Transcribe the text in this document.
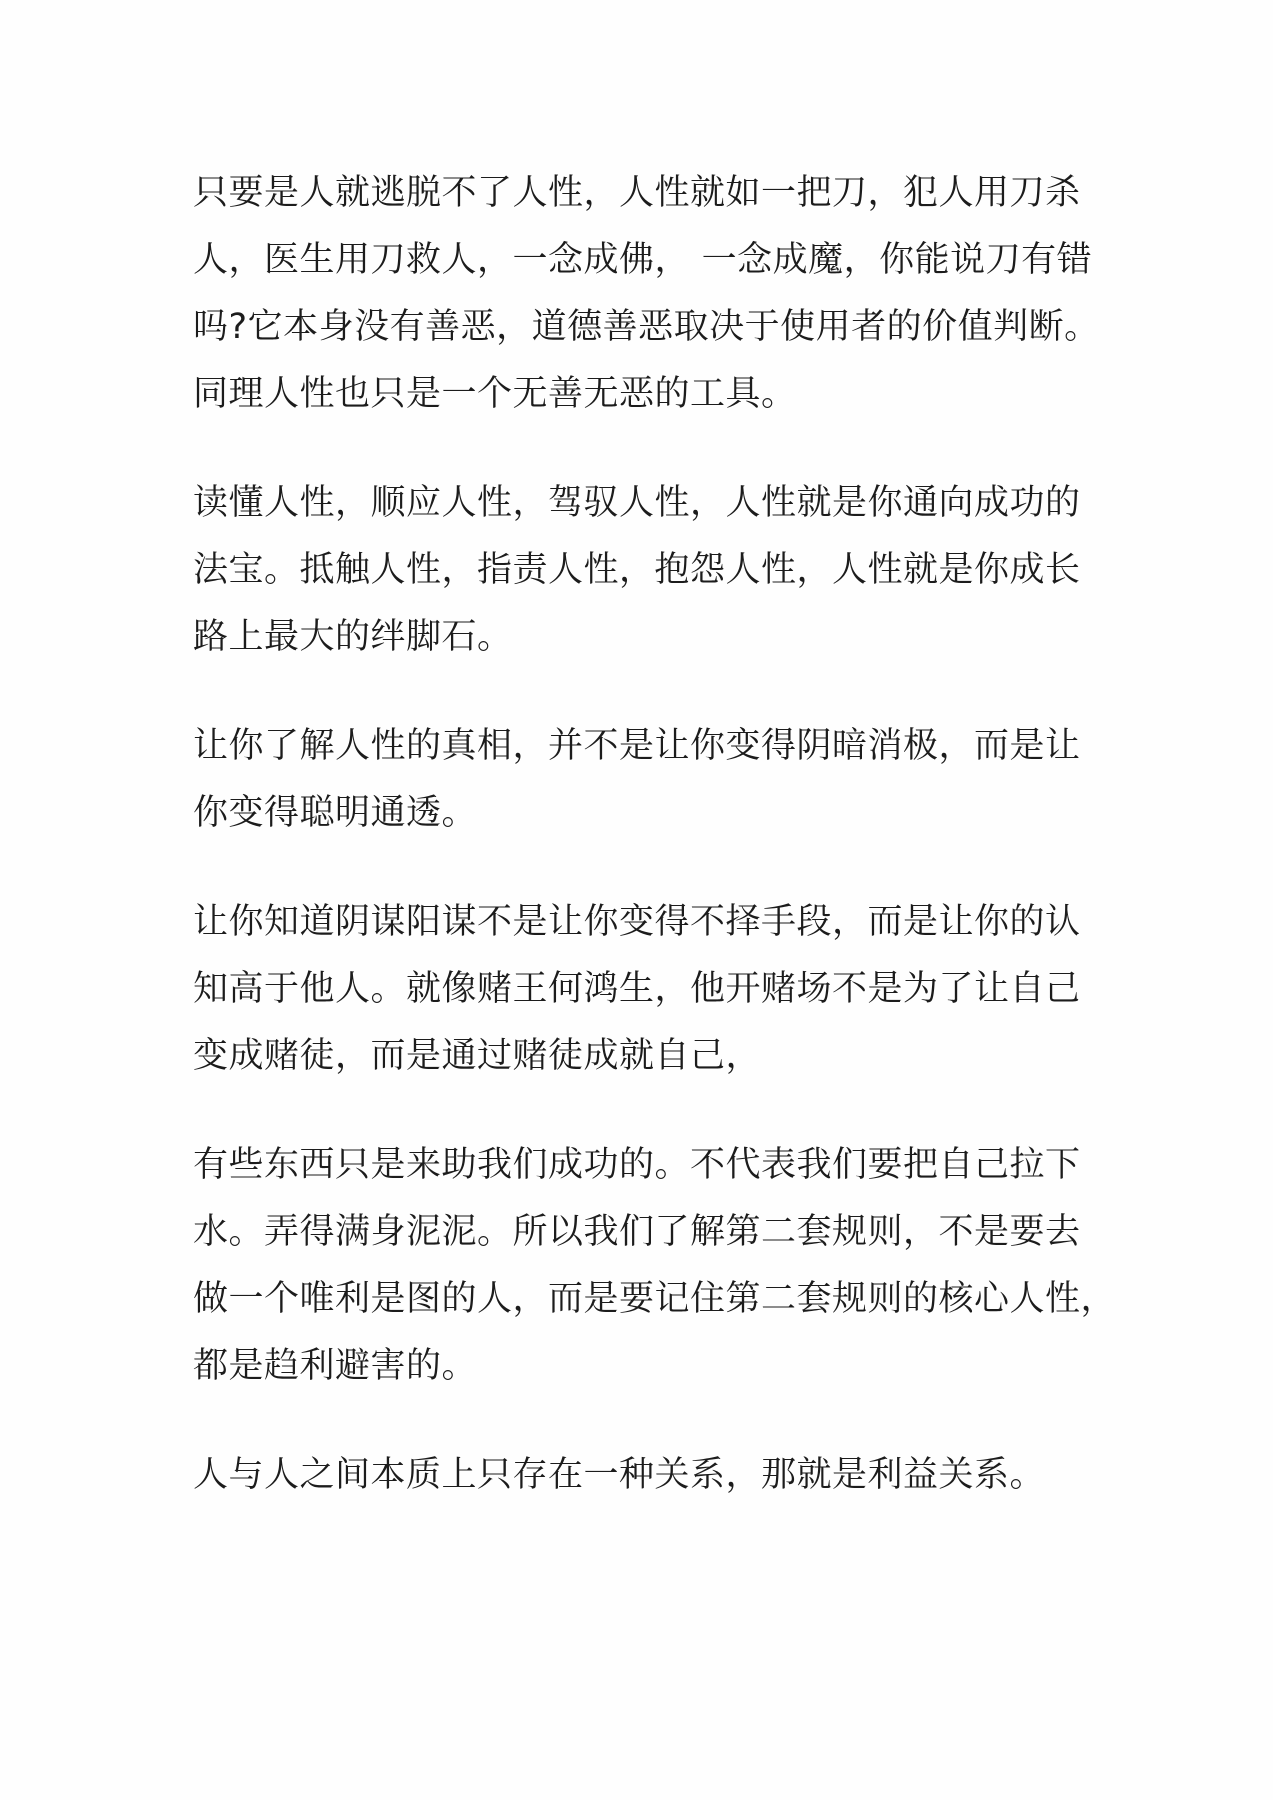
只要是人就逃脱不了人性，人性就如一把刀，犯人用刀杀
人，医生用刀救人，一念成佛， 一念成魔，你能说刀有错
吗?它本身没有善恶，道德善恶取决于使用者的价值判断。
同理人性也只是一个无善无恶的工具。
读懂人性，顺应人性，驾驭人性，人性就是你通向成功的
法宝。抵触人性，指责人性，抱怨人性，人性就是你成长
路上最大的绊脚石。
让你了解人性的真相，并不是让你变得阴暗消极，而是让
你变得聪明通透。
让你知道阴谋阳谋不是让你变得不择手段，而是让你的认
知高于他人。就像赌王何鸿生，他开赌场不是为了让自己
变成赌徒，而是通过赌徒成就自己，
有些东西只是来助我们成功的。不代表我们要把自己拉下
水。弄得满身泥泥。所以我们了解第二套规则，不是要去
做一个唯利是图的人，而是要记住第二套规则的核心人性，
都是趋利避害的。
人与人之间本质上只存在一种关系，那就是利益关系。
